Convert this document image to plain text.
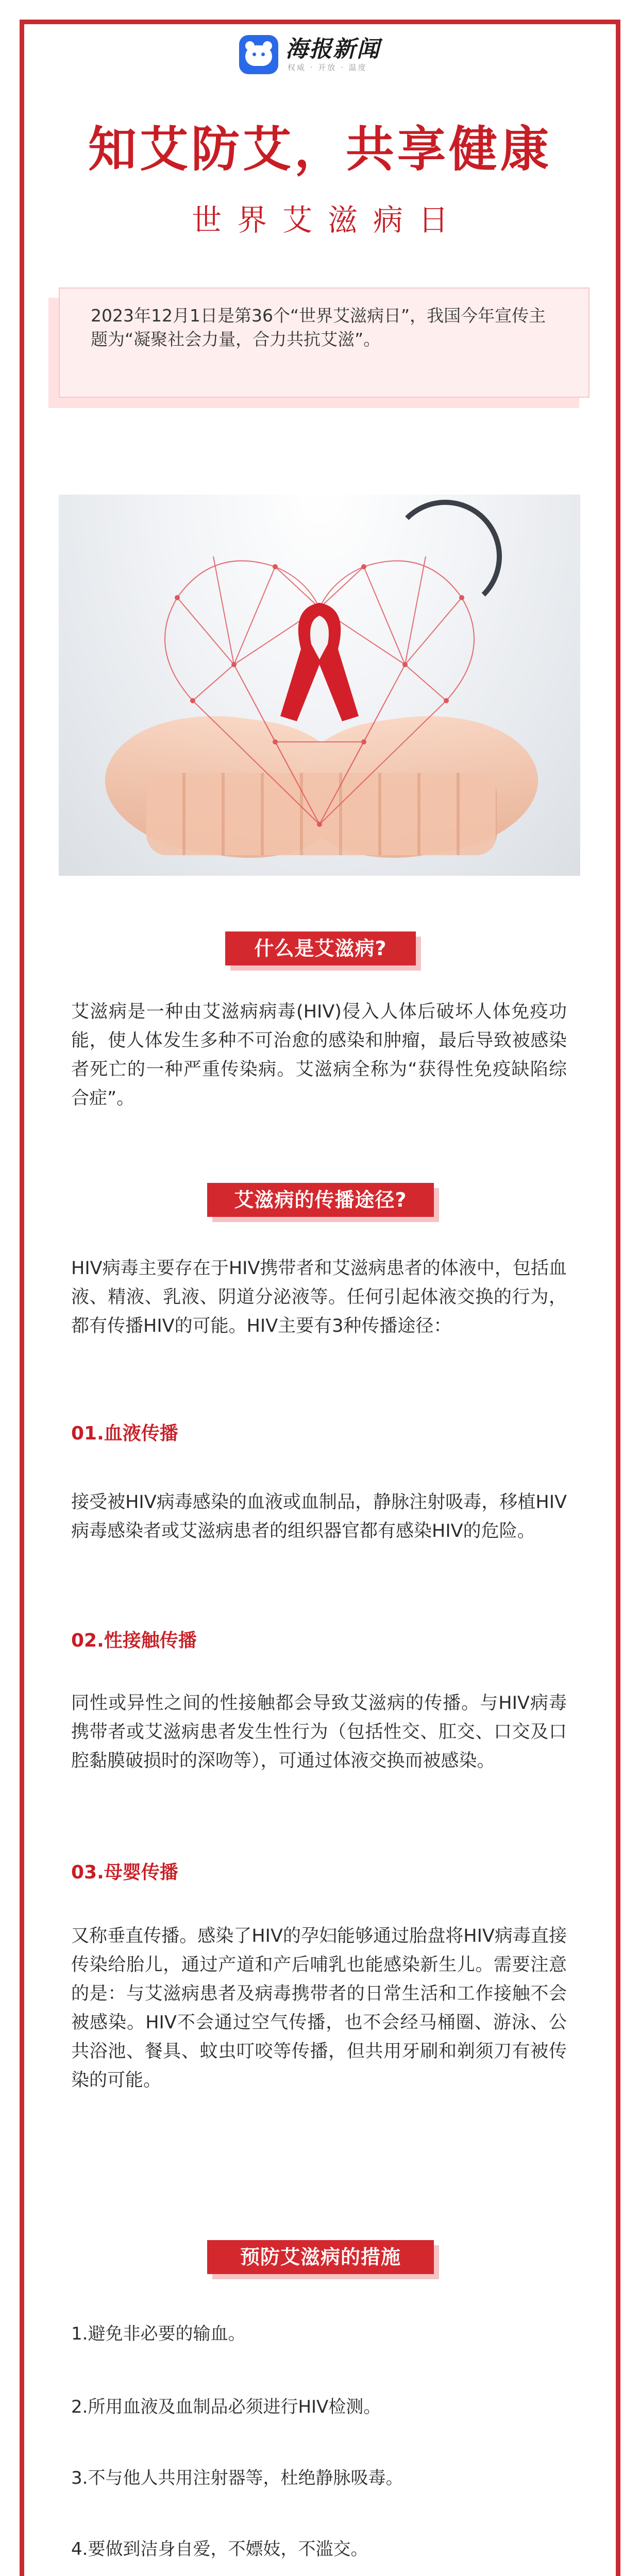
海报新闻
权威 · 开放 · 温度
知艾防艾，共享健康
世界艾滋病日
2023年12月1日是第36个“世界艾滋病日”，我国今年宣传主题为“凝聚社会力量，合力共抗艾滋”。
什么是艾滋病?

艾滋病是一种由艾滋病病毒(HIV)侵入人体后破坏人体免疫功能，使人体发生多种不可治愈的感染和肿瘤，最后导致被感染者死亡的一种严重传染病。艾滋病全称为“获得性免疫缺陷综合症”。

艾滋病的传播途径?

HIV病毒主要存在于HIV携带者和艾滋病患者的体液中，包括血液、精液、乳液、阴道分泌液等。任何引起体液交换的行为，都有传播HIV的可能。HIV主要有3种传播途径：

01.血液传播

接受被HIV病毒感染的血液或血制品，静脉注射吸毒，移植HIV病毒感染者或艾滋病患者的组织器官都有感染HIV的危险。

02.性接触传播

同性或异性之间的性接触都会导致艾滋病的传播。与HIV病毒携带者或艾滋病患者发生性行为（包括性交、肛交、口交及口腔黏膜破损时的深吻等），可通过体液交换而被感染。

03.母婴传播

又称垂直传播。感染了HIV的孕妇能够通过胎盘将HIV病毒直接传染给胎儿，通过产道和产后哺乳也能感染新生儿。需要注意的是：与艾滋病患者及病毒携带者的日常生活和工作接触不会被感染。HIV不会通过空气传播，也不会经马桶圈、游泳、公共浴池、餐具、蚊虫叮咬等传播，但共用牙刷和剃须刀有被传染的可能。

预防艾滋病的措施

1.避免非必要的输血。

2.所用血液及血制品必须进行HIV检测。

3.不与他人共用注射器等，杜绝静脉吸毒。

4.要做到洁身自爱，不嫖妓，不滥交。
